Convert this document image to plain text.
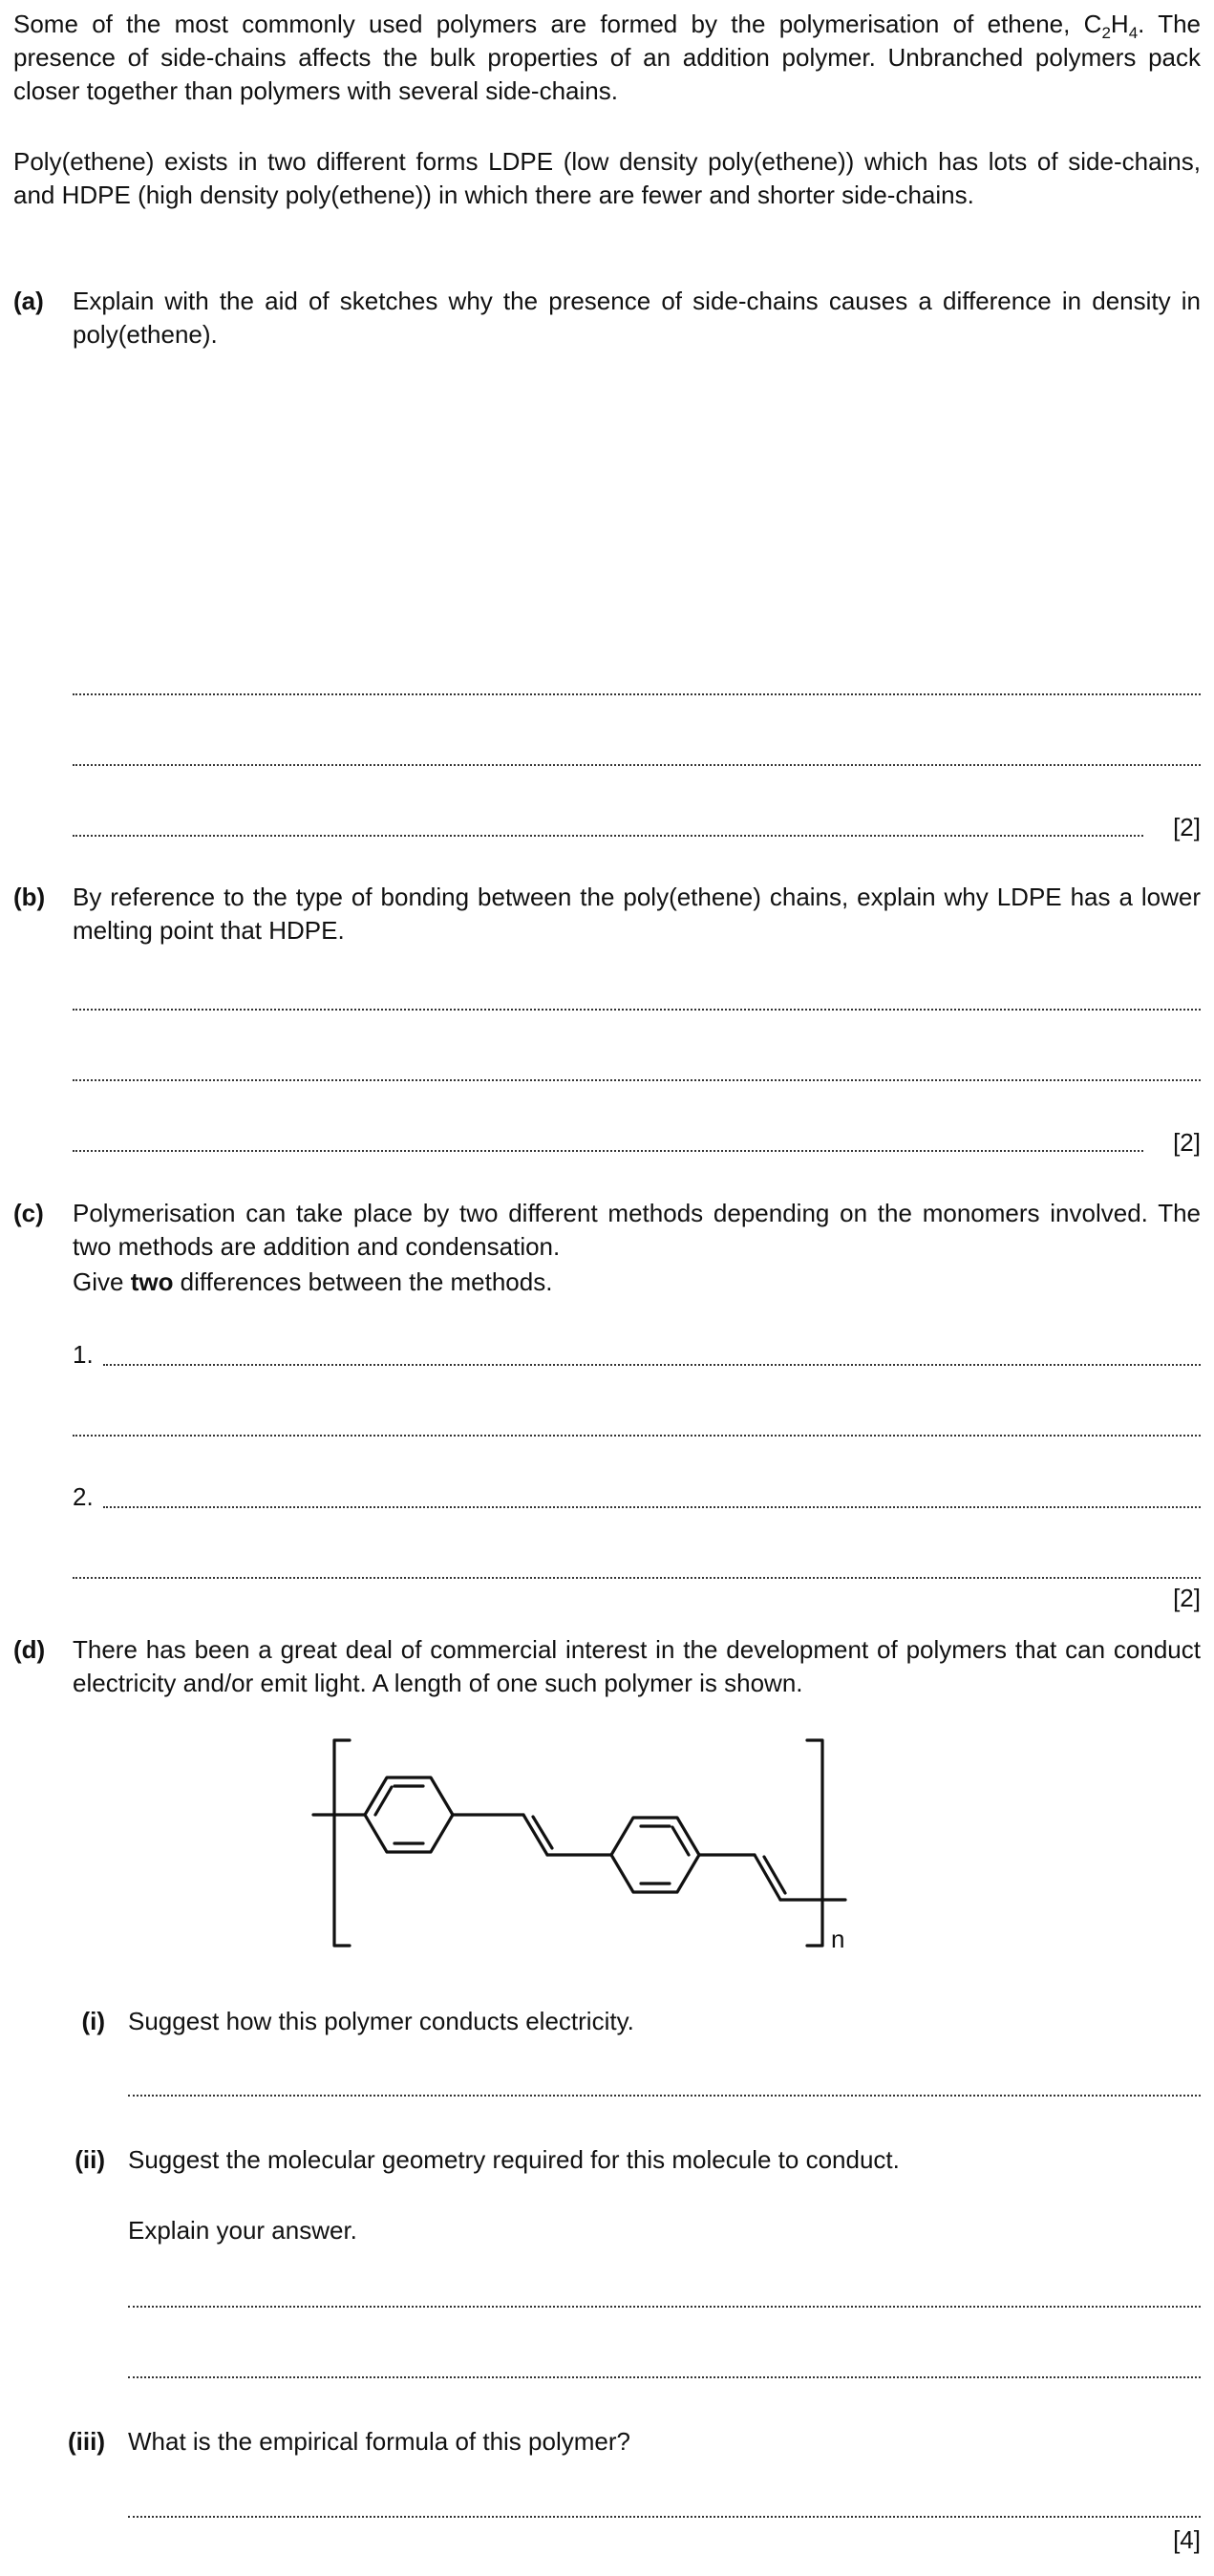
Some of the most commonly used polymers are formed by the polymerisation of ethene, $C_2H_4$. The presence of side-chains affects the bulk properties of an addition polymer. Unbranched polymers pack closer together than polymers with several side-chains.

Poly(ethene) exists in two different forms LDPE (low density poly(ethene)) which has lots of side-chains, and HDPE (high density poly(ethene)) in which there are fewer and shorter side-chains.

(a) Explain with the aid of sketches why the presence of side-chains causes a difference in density in poly(ethene).

[2]
(b) By reference to the type of bonding between the poly(ethene) chains, explain why LDPE has a lower melting point that HDPE.

[2]
(c) Polymerisation can take place by two different methods depending on the monomers involved. The two methods are addition and condensation.

Give two differences between the methods.

1.
2.
[2]
(d) There has been a great deal of commercial interest in the development of polymers that can conduct electricity and/or emit light. A length of one such polymer is shown.

n
(i) Suggest how this polymer conducts electricity.

(ii) Suggest the molecular geometry required for this molecule to conduct.

Explain your answer.

(iii) What is the empirical formula of this polymer?

[4]
